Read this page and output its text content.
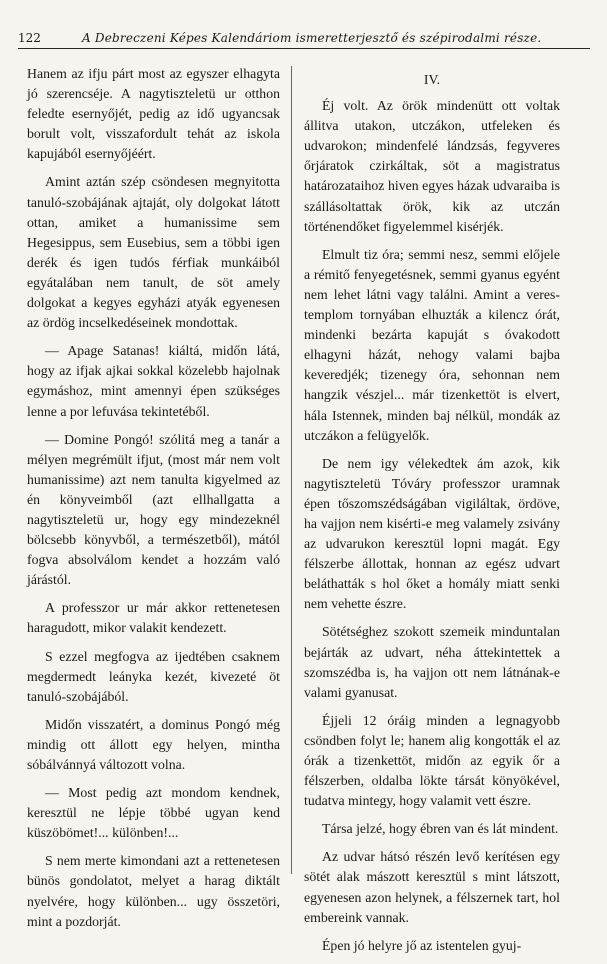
122	A Debreczeni Képes Kalendáriom ismeretterjesztő és szépirodalmi része.

Hanem az ifju párt most az egyszer elhagyta jó szerencséje. A nagytiszteletü ur otthon feledte esernyőjét, pedig az idő ugyancsak borult volt, visszafordult tehát az iskola kapujából esernyőjéért.

Amint aztán szép csöndesen megnyitotta tanuló-szobájának ajtaját, oly dolgokat látott ottan, amiket a humanissime sem Hegesippus, sem Eusebius, sem a többi igen derék és igen tudós férfiak munkáiból egyátalában nem tanult, de söt amely dolgokat a kegyes egyházi atyák egyenesen az ördög incselkedéseinek mondottak.

— Apage Satanas! kiáltá, midőn látá, hogy az ifjak ajkai sokkal közelebb hajolnak egymáshoz, mint amennyi épen szükséges lenne a por lefuvása tekintetéből.

— Domine Pongó! szólitá meg a tanár a mélyen megrémült ifjut, (most már nem volt humanissime) azt nem tanulta kigyelmed az én könyveimből (azt ellhallgatta a nagytiszteletü ur, hogy egy mindezeknél bölcsebb könyvből, a természetből), mától fogva absolválom kendet a hozzám való járástól.

A professzor ur már akkor rettenetesen haragudott, mikor valakit kendezett.

S ezzel megfogva az ijedtében csaknem megdermedt leányka kezét, kivezeté öt tanuló-szobájából.

Midőn visszatért, a dominus Pongó még mindig ott állott egy helyen, mintha sóbálvánnyá változott volna.

— Most pedig azt mondom kendnek, keresztül ne lépje többé ugyan kend küszöbömet!... különben!...

S nem merte kimondani azt a rettenetesen bünös gondolatot, melyet a harag diktált nyelvére, hogy különben... ugy összetöri, mint a pozdorját.

IV.

Éj volt. Az örök mindenütt ott voltak állitva utakon, utczákon, utfeleken és udvarokon; mindenfelé lándzsás, fegyveres őrjáratok czirkáltak, söt a magistratus határozataihoz hiven egyes házak udvaraiba is szállásoltattak örök, kik az utczán történendőket figyelemmel kisérjék.

Elmult tiz óra; semmi nesz, semmi előjele a rémitő fenyegetésnek, semmi gyanus egyént nem lehet látni vagy találni. Amint a veres-templom tornyában elhuzták a kilencz órát, mindenki bezárta kapuját s óvakodott elhagyni házát, nehogy valami bajba keveredjék; tizenegy óra, sehonnan nem hangzik vészjel... már tizenkettöt is elvert, hála Istennek, minden baj nélkül, mondák az utczákon a felügyelők.

De nem igy vélekedtek ám azok, kik nagytiszteletü Tóváry professzor uramnak épen tőszomszédságában vigiláltak, ördöve, ha vajjon nem kisérti-e meg valamely zsivány az udvarukon keresztül lopni magát. Egy félszerbe állottak, honnan az egész udvart beláthatták s hol őket a homály miatt senki nem vehette észre.

Sötétséghez szokott szemeik minduntalan bejárták az udvart, néha áttekintettek a szomszédba is, ha vajjon ott nem látnának-e valami gyanusat.

Éjjeli 12 óráig minden a legnagyobb csöndben folyt le; hanem alig kongották el az órák a tizenkettöt, midőn az egyik őr a félszerben, oldalba lökte társát könyökével, tudatva mintegy, hogy valamit vett észre.

Társa jelzé, hogy ébren van és lát mindent.

Az udvar hátsó részén levő kerítésen egy sötét alak mászott keresztül s mint látszott, egyenesen azon helynek, a félszernek tart, hol embereink vannak.

Épen jó helyre jő az istentelen gyuj-
